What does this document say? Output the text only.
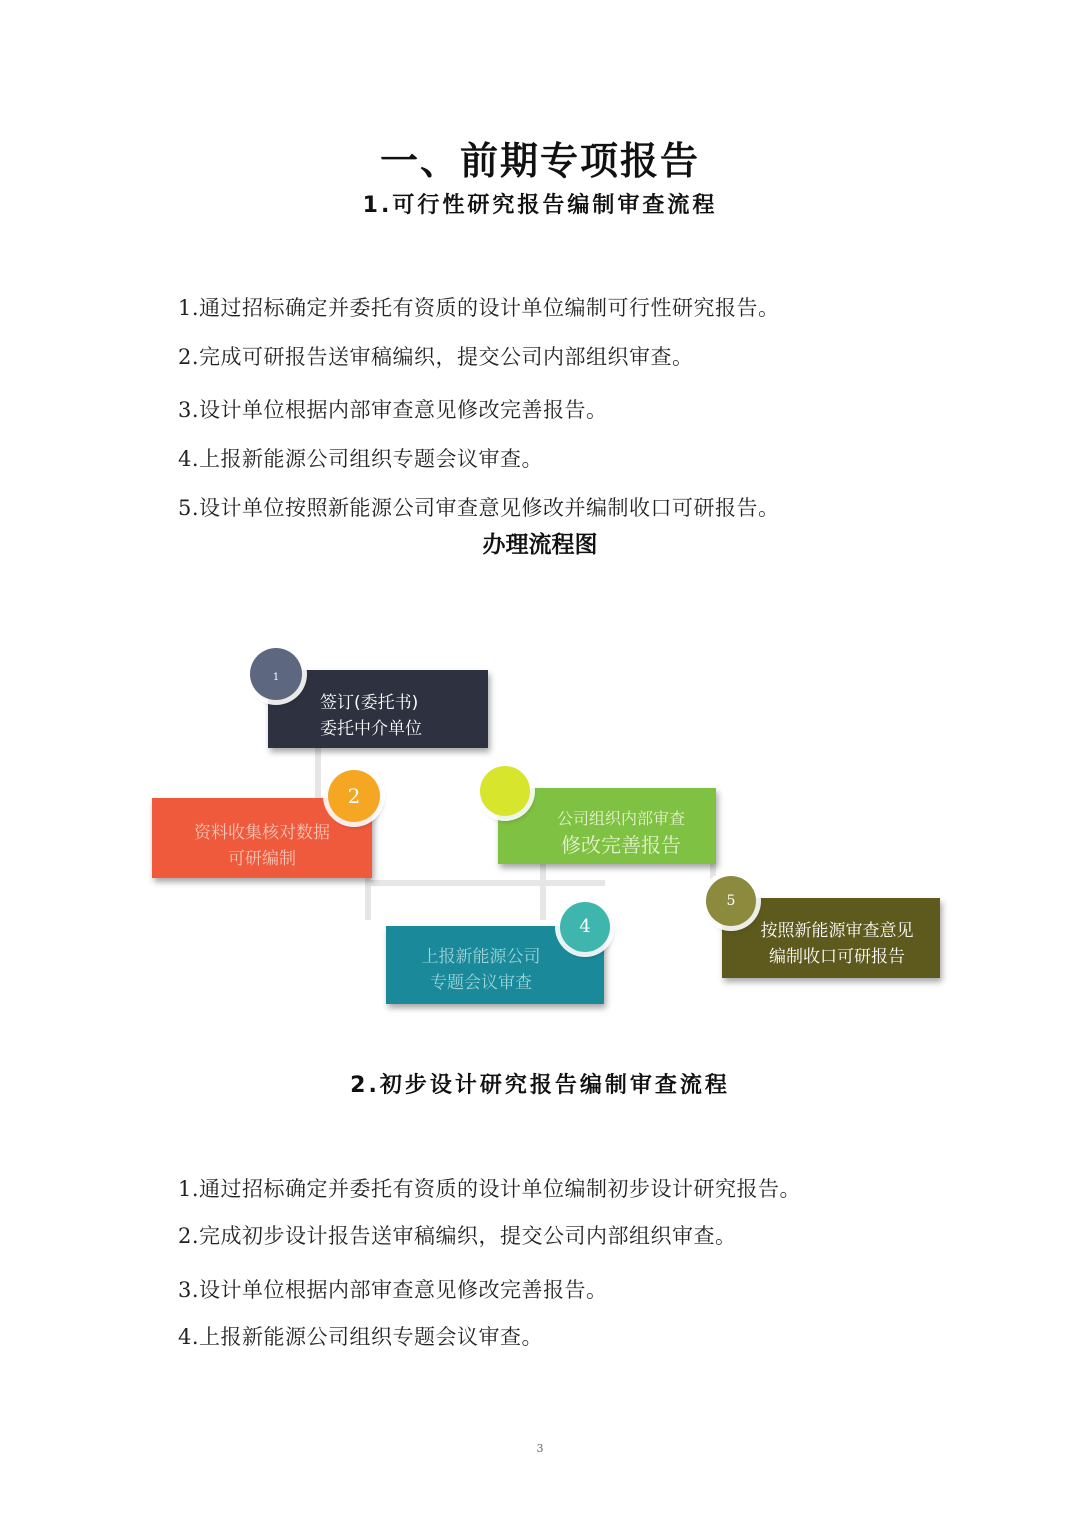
一、前期专项报告
1.可行性研究报告编制审查流程
1.通过招标确定并委托有资质的设计单位编制可行性研究报告。
2.完成可研报告送审稿编织，提交公司内部组织审查。
3.设计单位根据内部审查意见修改完善报告。
4.上报新能源公司组织专题会议审查。
5.设计单位按照新能源公司审查意见修改并编制收口可研报告。
办理流程图
签订(委托书)
委托中介单位
1
资料收集核对数据
可研编制
2
公司组织内部审查
修改完善报告
上报新能源公司
专题会议审查
4	按照新能源审查意见
编制收口可研报告
5
2.初步设计研究报告编制审查流程
1.通过招标确定并委托有资质的设计单位编制初步设计研究报告。
2.完成初步设计报告送审稿编织，提交公司内部组织审查。
3.设计单位根据内部审查意见修改完善报告。
4.上报新能源公司组织专题会议审查。
3
